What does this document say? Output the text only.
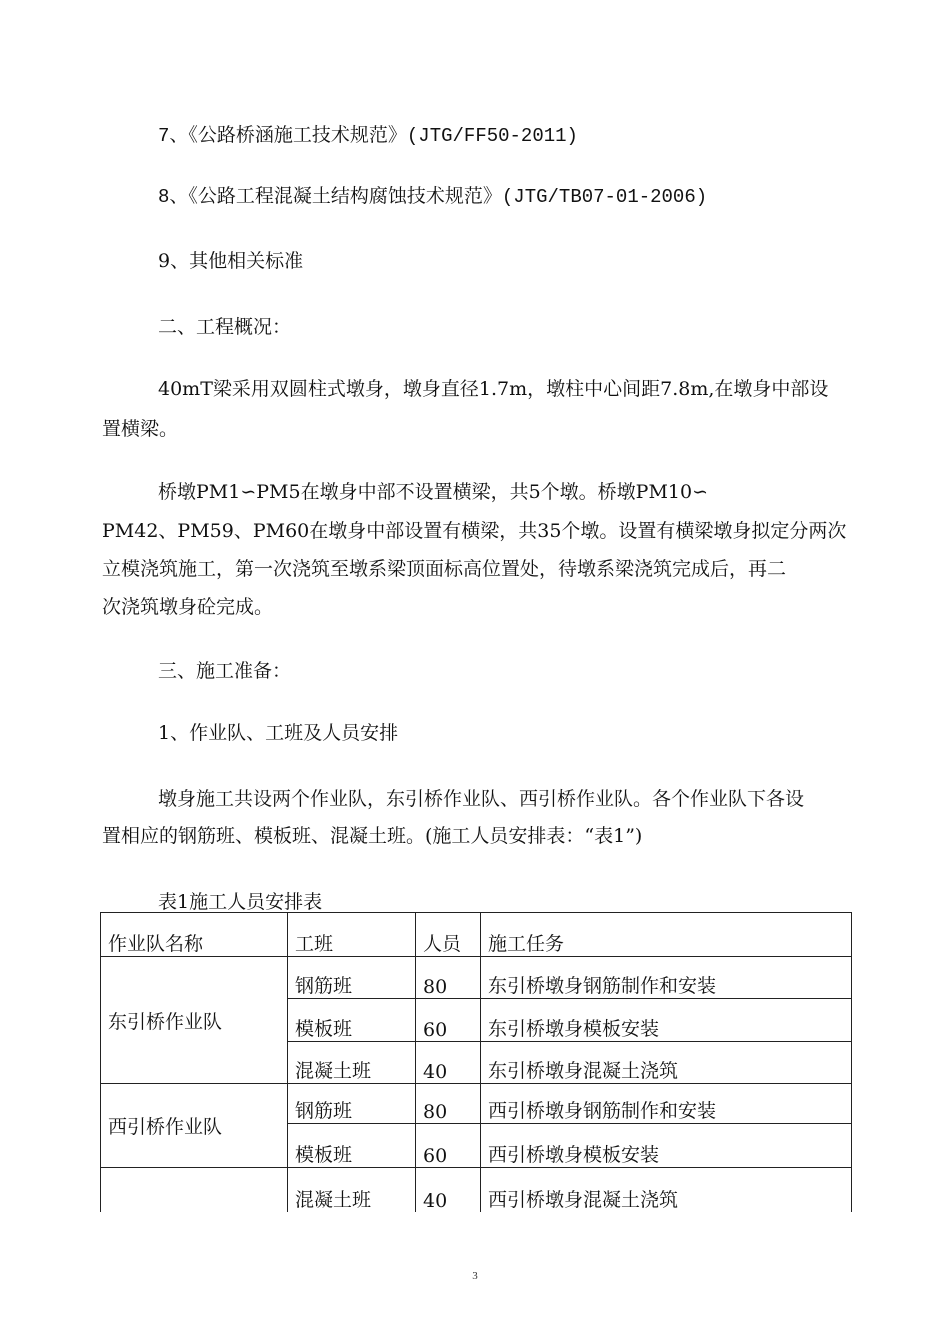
7、《公路桥涵施工技术规范》(JTG/FF50-2011)
8、《公路工程混凝土结构腐蚀技术规范》(JTG/TB07-01-2006)
9、其他相关标准
二、工程概况：
40mT梁采用双圆柱式墩身，墩身直径1.7m，墩柱中心间距7.8m,在墩身中部设
置横梁。
桥墩PM1∽PM5在墩身中部不设置横梁，共5个墩。桥墩PM10∽
PM42、PM59、PM60在墩身中部设置有横梁，共35个墩。设置有横梁墩身拟定分两次
立模浇筑施工，第一次浇筑至墩系梁顶面标高位置处，待墩系梁浇筑完成后，再二
次浇筑墩身砼完成。
三、施工准备：
1、作业队、工班及人员安排
墩身施工共设两个作业队，东引桥作业队、西引桥作业队。各个作业队下各设
置相应的钢筋班、模板班、混凝土班。(施工人员安排表：“表1”)
表1施工人员安排表
作业队名称	工班	人员	施工任务
东引桥作业队	钢筋班	80	东引桥墩身钢筋制作和安装
	模板班	60	东引桥墩身模板安装
	混凝土班	40	东引桥墩身混凝土浇筑
西引桥作业队	钢筋班	80	西引桥墩身钢筋制作和安装
	模板班	60	西引桥墩身模板安装
	混凝土班	40	西引桥墩身混凝土浇筑
3
